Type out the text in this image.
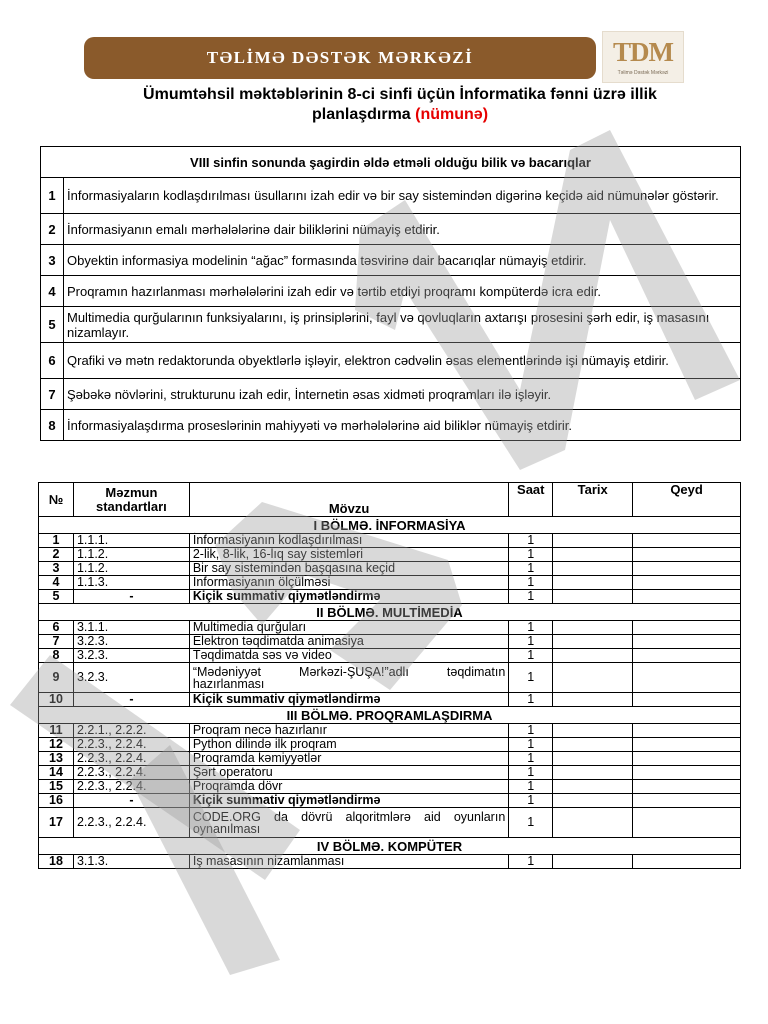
TƏLİMƏ DƏSTƏK MƏRKƏZİ	TDM
Təlimə Dəstək Mərkəzi
Ümumtəhsil məktəblərinin 8-ci sinfi üçün İnformatika fənni üzrə illik
planlaşdırma (nümunə)
VIII sinfin sonunda şagirdin əldə etməli olduğu bilik və bacarıqlar	
1	İnformasiyaların kodlaşdırılması üsullarını izah edir və bir say sistemindən digərinə keçidə aid nümunələr göstərir.
2	İnformasiyanın emalı mərhələlərinə dair biliklərini nümayiş etdirir.
3	Obyektin informasiya modelinin “ağac” formasında təsvirinə dair bacarıqlar nümayiş etdirir.
4	Proqramın hazırlanması mərhələlərini izah edir və tərtib etdiyi proqramı kompüterdə icra edir.
5	Multimedia qurğularının funksiyalarını, iş prinsiplərini, fayl və qovluqların axtarışı prosesini şərh edir, iş masasını nizamlayır.
6	Qrafiki və mətn redaktorunda obyektlərlə işləyir, elektron cədvəlin əsas elementlərində işi nümayiş etdirir.
7	Şəbəkə növlərini, strukturunu izah edir, İnternetin əsas xidməti proqramları ilə işləyir.
8	İnformasiyalaşdırma proseslərinin mahiyyəti və mərhələlərinə aid biliklər nümayiş etdirir.
№	Məzmun standartları	Mövzu	Saat	Tarix	Qeyd
I BÖLMƏ. İNFORMASİYA					
1	1.1.1.	İnformasiyanın kodlaşdırılması	1		
2	1.1.2.	2-lik, 8-lik, 16-lıq say sistemləri	1		
3	1.1.2.	Bir say sistemindən başqasına keçid	1		
4	1.1.3.	İnformasiyanın ölçülməsi	1		
5	-	Kiçik summativ qiymətləndirmə	1		
II BÖLMƏ. MULTİMEDİA					
6	3.1.1.	Multimedia qurğuları	1		
7	3.2.3.	Elektron təqdimatda animasiya	1		
8	3.2.3.	Təqdimatda səs və video	1		
9	3.2.3.	“Mədəniyyət Mərkəzi-ŞUŞA!”adlı təqdimatın hazırlanması	1		
10	-	Kiçik summativ qiymətləndirmə	1		
III BÖLMƏ. PROQRAMLAŞDIRMA					
11	2.2.1., 2.2.2.	Proqram necə hazırlanır	1		
12	2.2.3., 2.2.4.	Python dilində ilk proqram	1		
13	2.2.3., 2.2.4.	Proqramda kəmiyyətlər	1		
14	2.2.3., 2.2.4.	Şərt operatoru	1		
15	2.2.3., 2.2.4.	Proqramda dövr	1		
16	-	Kiçik summativ qiymətləndirmə	1		
17	2.2.3., 2.2.4.	CODE.ORG da dövrü alqoritmlərə aid oyunların oynanılması	1		
IV BÖLMƏ. KOMPÜTER					
18	3.1.3.	İş masasının nizamlanması	1		
